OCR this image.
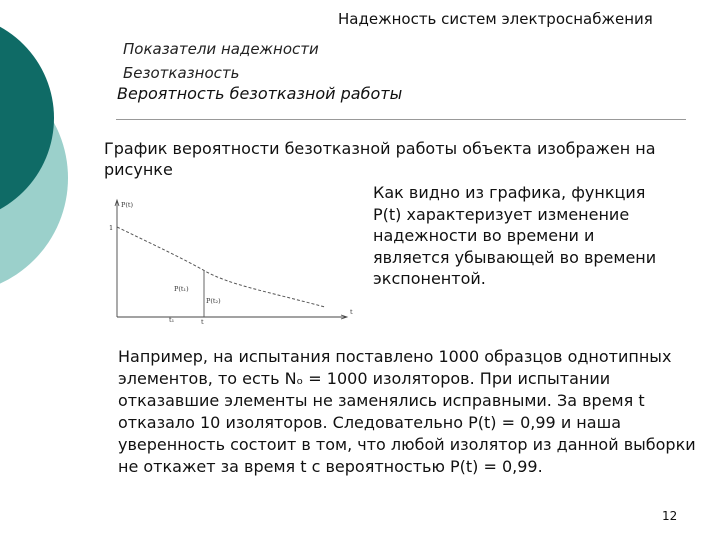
Надежность систем электроснабжения

Показатели надежности

Безотказность

Вероятность безотказной работы

График вероятности безотказной работы объекта изображен на рисунке

P(t)
1
P(t₁)
P(t₂)
t₁	t
t

Как видно из графика, функция P(t) характеризует изменение надежности во времени и является убывающей во времени экспонентой.

Например, на испытания поставлено 1000 образцов однотипных элементов, то есть Nₒ = 1000 изоляторов. При испытании отказавшие элементы не заменялись исправными. За время t отказало 10 изоляторов. Следовательно P(t) = 0,99 и наша уверенность состоит в том, что любой изолятор из данной выборки не откажет за время t с вероятностью P(t) = 0,99.

12
